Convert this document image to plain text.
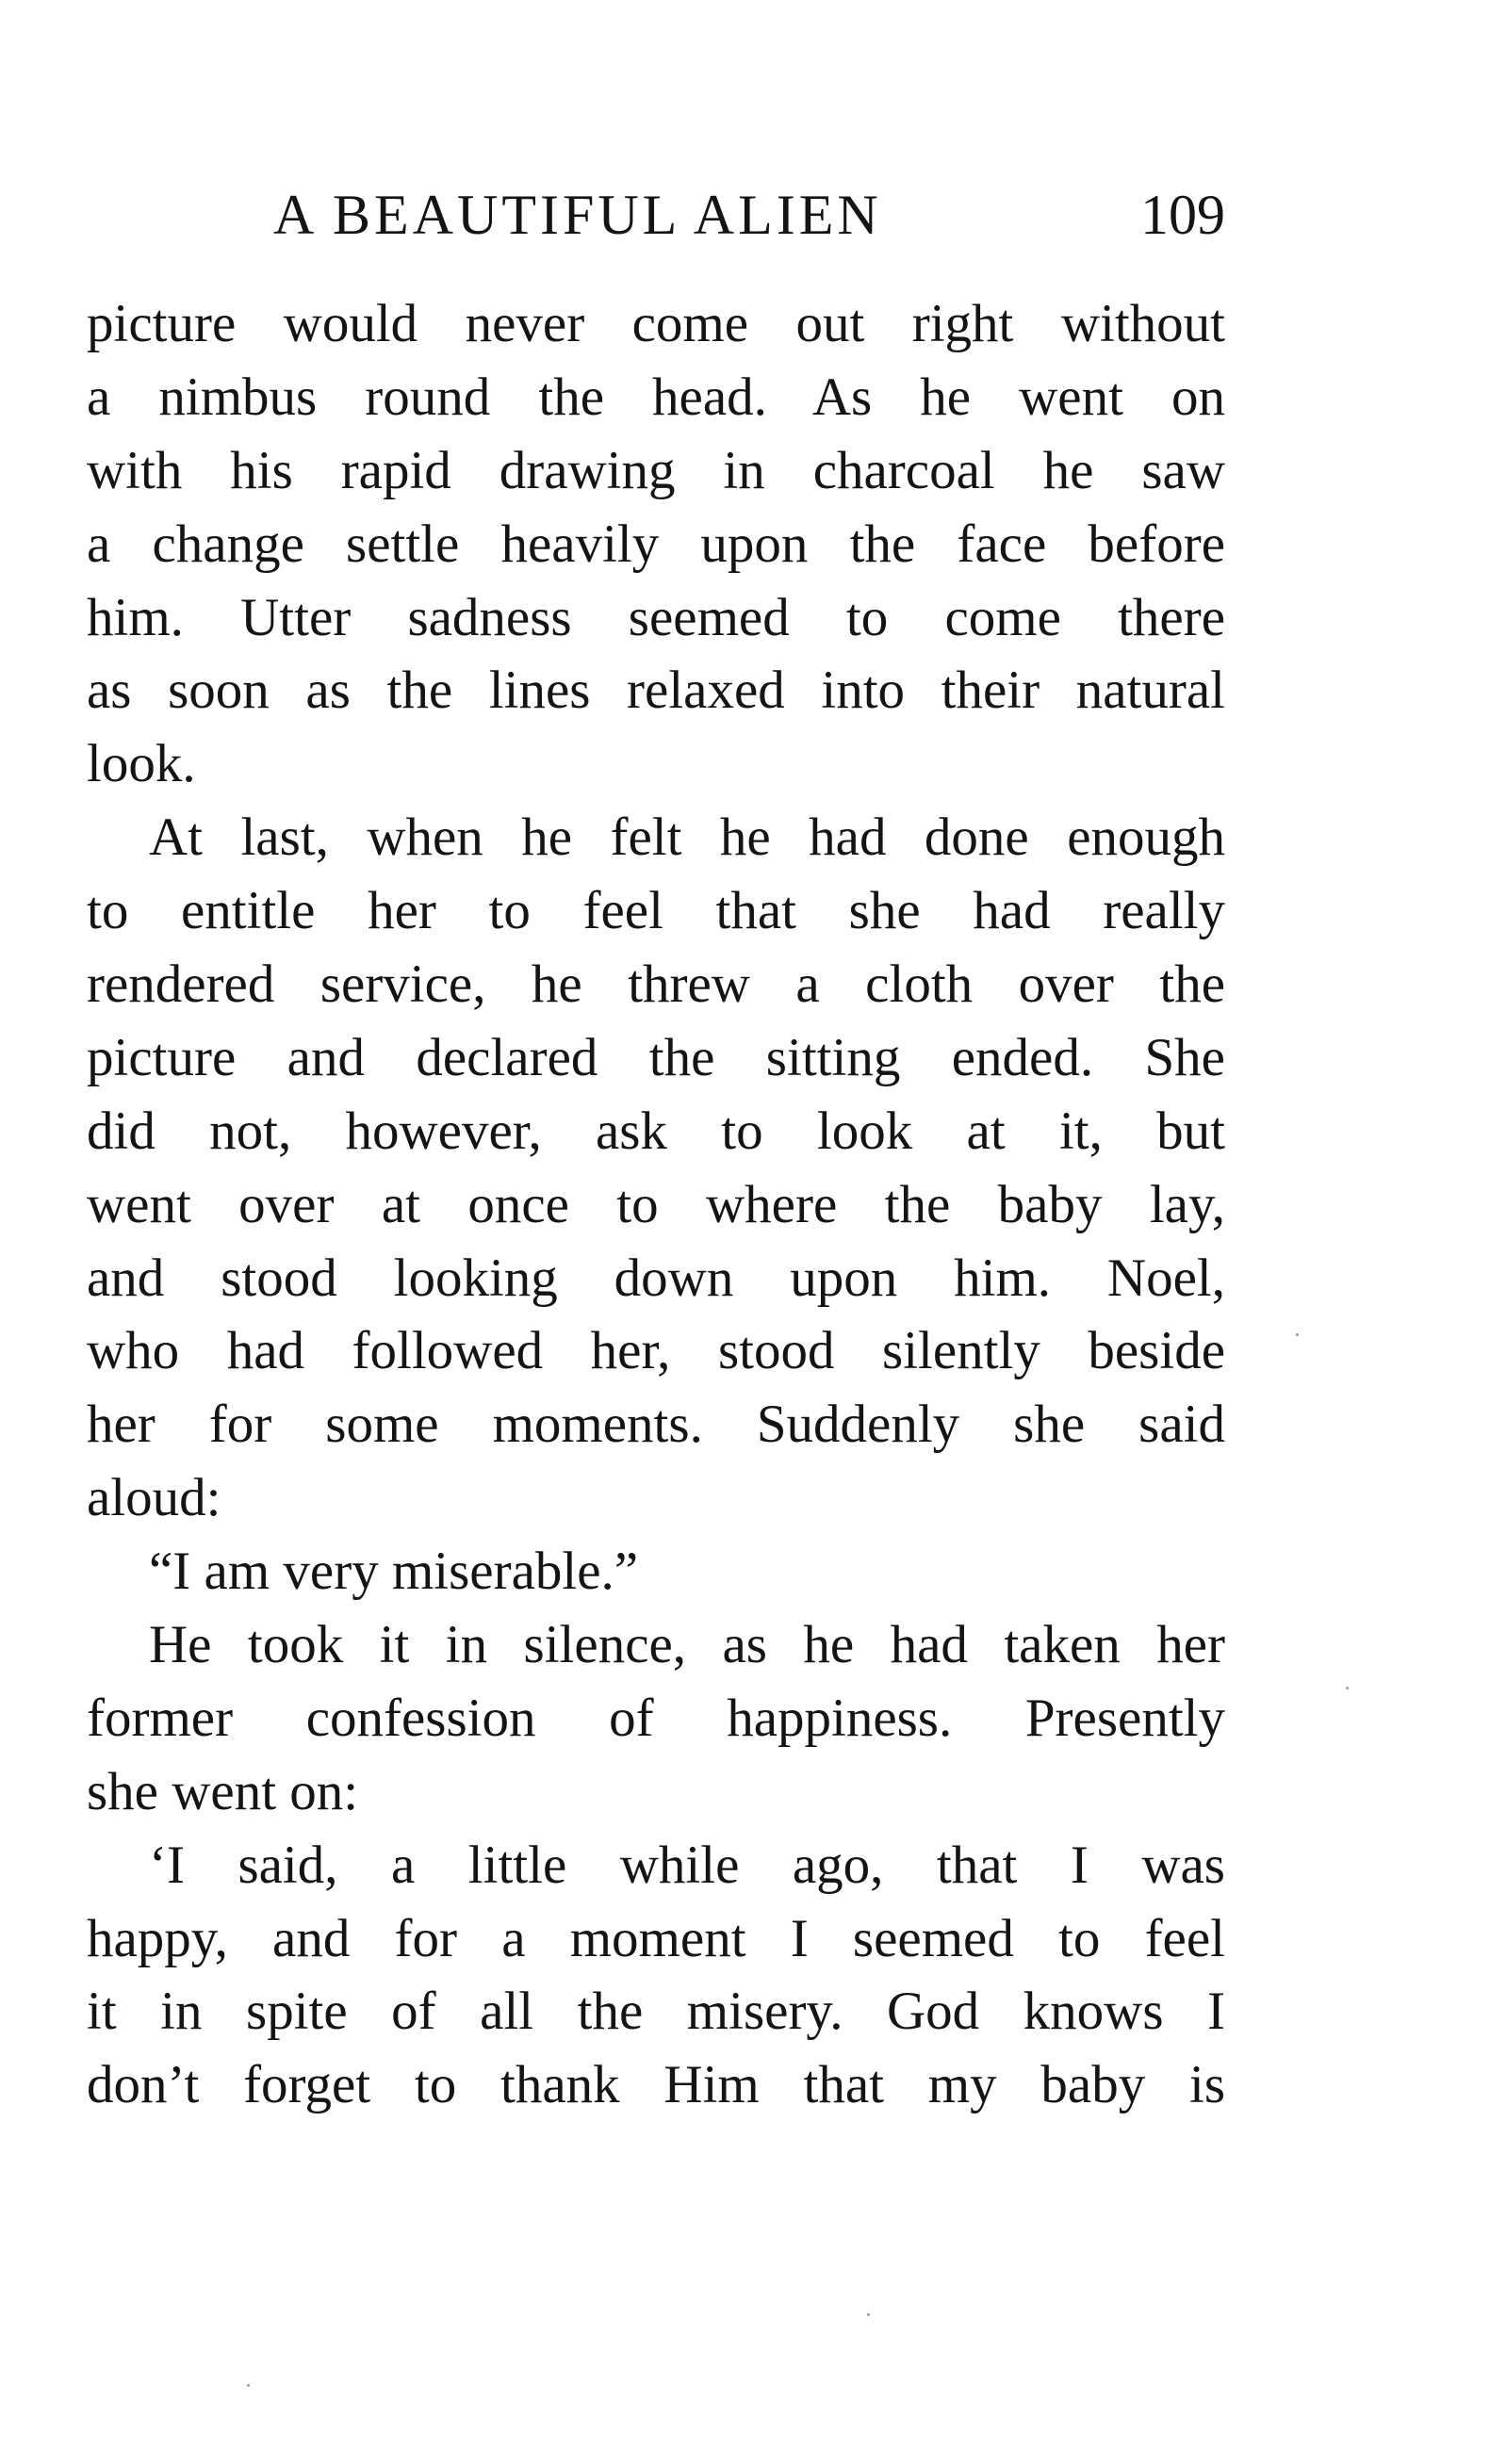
A BEAUTIFUL ALIEN	109
picture would never come out right without
a nimbus round the head. As he went on
with his rapid drawing in charcoal he saw
a change settle heavily upon the face before
him. Utter sadness seemed to come there
as soon as the lines relaxed into their natural
look.
At last, when he felt he had done enough
to entitle her to feel that she had really
rendered service, he threw a cloth over the
picture and declared the sitting ended. She
did not, however, ask to look at it, but
went over at once to where the baby lay,
and stood looking down upon him. Noel,
who had followed her, stood silently beside
her for some moments. Suddenly she said
aloud:
“I am very miserable.”
He took it in silence, as he had taken her
former confession of happiness. Presently
she went on:
‘I said, a little while ago, that I was
happy, and for a moment I seemed to feel
it in spite of all the misery. God knows I
don’t forget to thank Him that my baby is
